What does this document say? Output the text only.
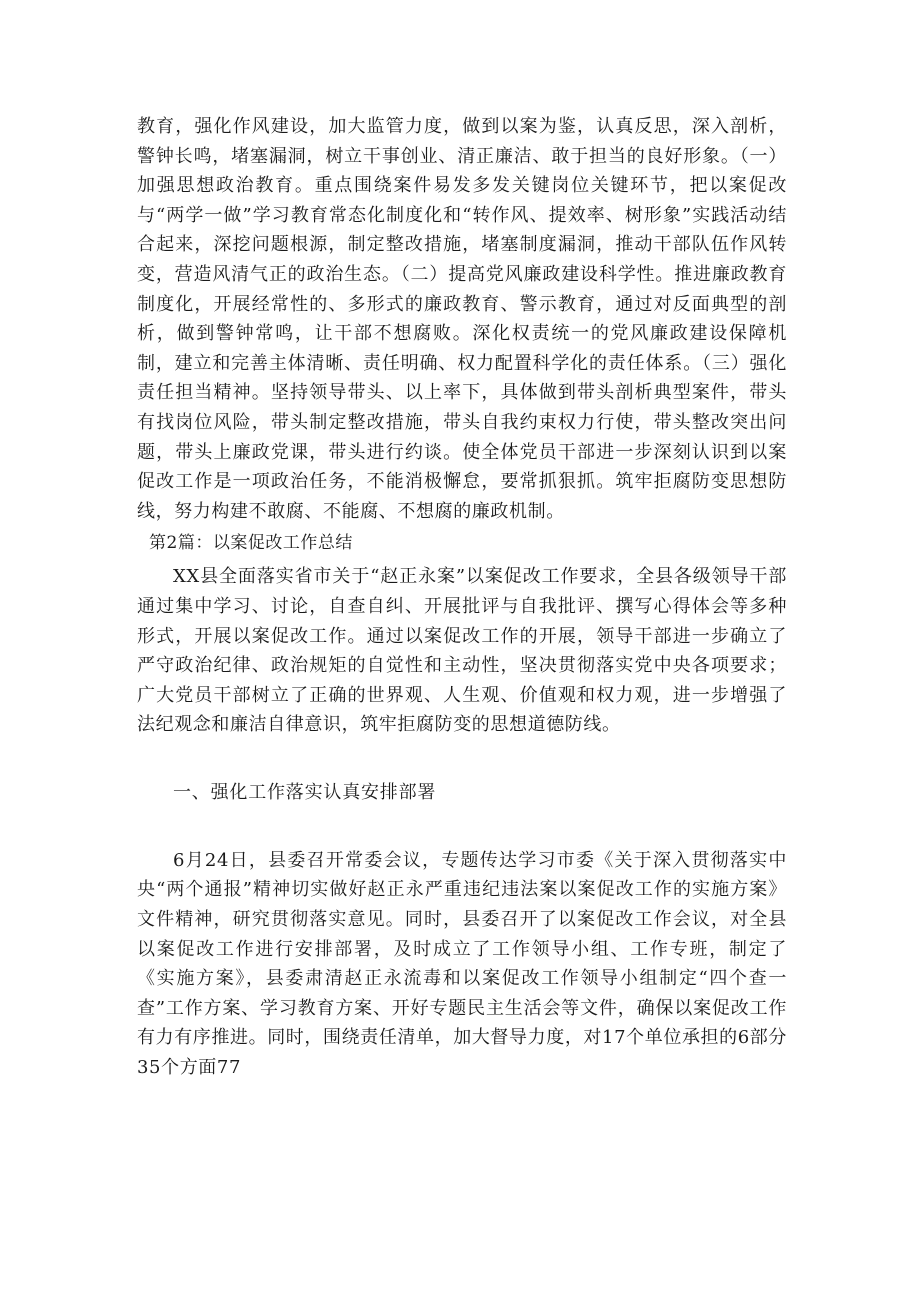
教育，强化作风建设，加大监管力度，做到以案为鉴，认真反思，深入剖析，警钟长鸣，堵塞漏洞，树立干事创业、清正廉洁、敢于担当的良好形象。（一）加强思想政治教育。重点围绕案件易发多发关键岗位关键环节，把以案促改与“两学一做”学习教育常态化制度化和“转作风、提效率、树形象”实践活动结合起来，深挖问题根源，制定整改措施，堵塞制度漏洞，推动干部队伍作风转变，营造风清气正的政治生态。（二）提高党风廉政建设科学性。推进廉政教育制度化，开展经常性的、多形式的廉政教育、警示教育，通过对反面典型的剖析，做到警钟常鸣，让干部不想腐败。深化权责统一的党风廉政建设保障机制，建立和完善主体清晰、责任明确、权力配置科学化的责任体系。（三）强化责任担当精神。坚持领导带头、以上率下，具体做到带头剖析典型案件，带头有找岗位风险，带头制定整改措施，带头自我约束权力行使，带头整改突出问题，带头上廉政党课，带头进行约谈。使全体党员干部进一步深刻认识到以案促改工作是一项政治任务，不能消极懈怠，要常抓狠抓。筑牢拒腐防变思想防线，努力构建不敢腐、不能腐、不想腐的廉政机制。

第2篇：以案促改工作总结

XX县全面落实省市关于“赵正永案”以案促改工作要求，全县各级领导干部通过集中学习、讨论，自查自纠、开展批评与自我批评、撰写心得体会等多种形式，开展以案促改工作。通过以案促改工作的开展，领导干部进一步确立了严守政治纪律、政治规矩的自觉性和主动性，坚决贯彻落实党中央各项要求；广大党员干部树立了正确的世界观、人生观、价值观和权力观，进一步增强了法纪观念和廉洁自律意识，筑牢拒腐防变的思想道德防线。

一、强化工作落实认真安排部署

6月24日，县委召开常委会议，专题传达学习市委《关于深入贯彻落实中央“两个通报”精神切实做好赵正永严重违纪违法案以案促改工作的实施方案》文件精神，研究贯彻落实意见。同时，县委召开了以案促改工作会议，对全县以案促改工作进行安排部署，及时成立了工作领导小组、工作专班，制定了《实施方案》，县委肃清赵正永流毒和以案促改工作领导小组制定“四个查一查”工作方案、学习教育方案、开好专题民主生活会等文件，确保以案促改工作有力有序推进。同时，围绕责任清单，加大督导力度，对17个单位承担的6部分35个方面77
